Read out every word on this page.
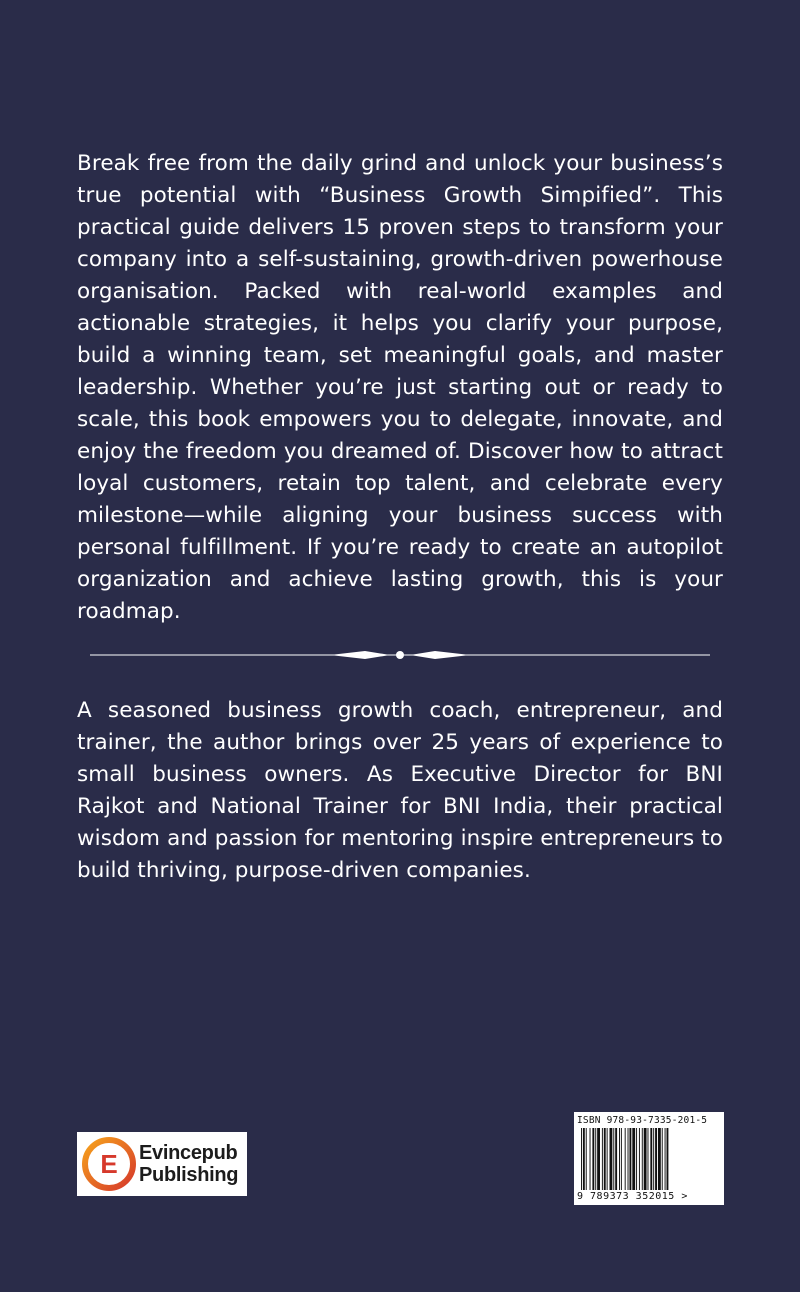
Break free from the daily grind and unlock your business’s true potential with “Business Growth Simpified”. This practical guide delivers 15 proven steps to transform your company into a self-sustaining, growth-driven powerhouse organisation. Packed with real-world examples and actionable strategies, it helps you clarify your purpose, build a winning team, set meaningful goals, and master leadership. Whether you’re just starting out or ready to scale, this book empowers you to delegate, innovate, and enjoy the freedom you dreamed of. Discover how to attract loyal customers, retain top talent, and celebrate every milestone—while aligning your business success with personal fulfillment. If you’re ready to create an autopilot organization and achieve lasting growth, this is your roadmap.

A seasoned business growth coach, entrepreneur, and trainer, the author brings over 25 years of experience to small business owners. As Executive Director for BNI Rajkot and National Trainer for BNI India, their practical wisdom and passion for mentoring inspire entrepreneurs to build thriving, purpose-driven companies.

E Evincepub
Publishing
ISBN 978-93-7335-201-5
9 789373 352015 >
